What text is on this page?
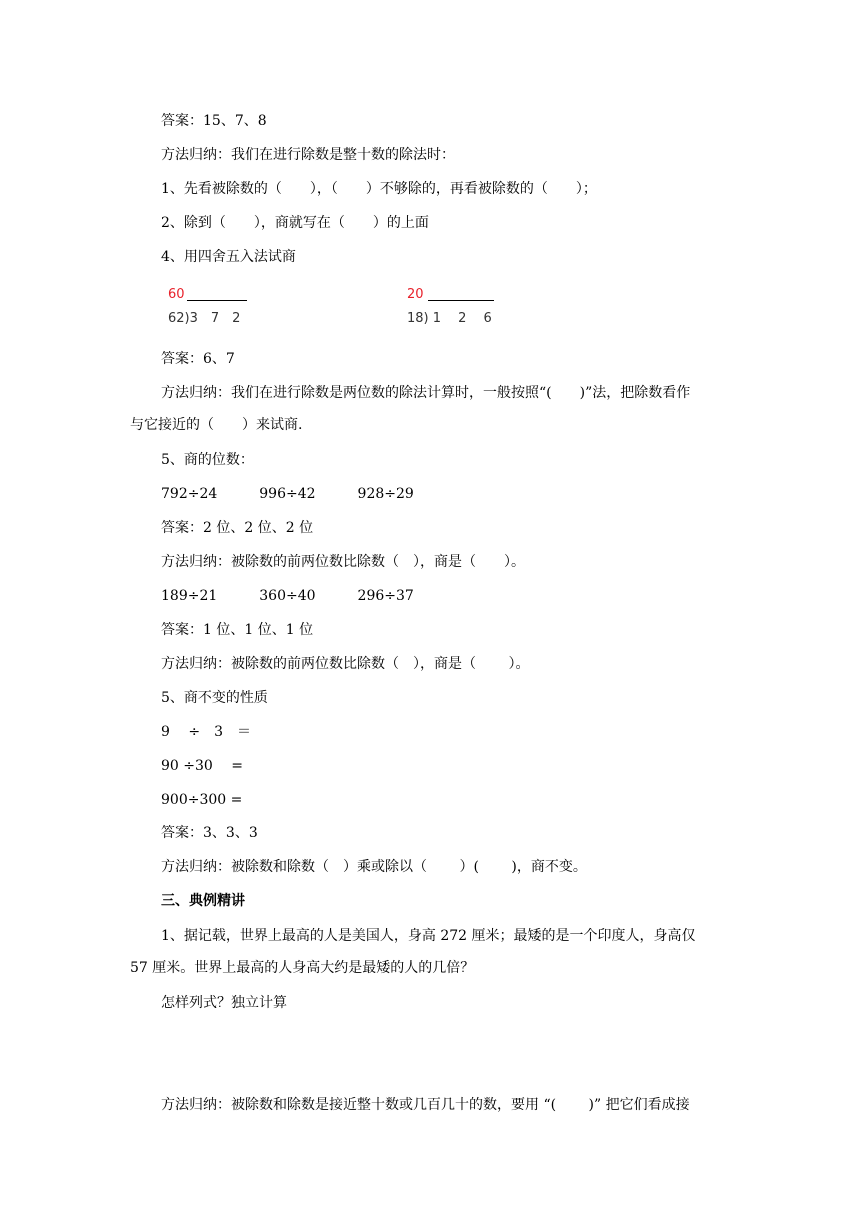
答案：15、7、8
方法归纳：我们在进行除数是整十数的除法时：
1、先看被除数的（　　），（　　）不够除的，再看被除数的（　　）；
2、除到（　　），商就写在（　　）的上面
4、用四舍五入法试商
60
62)3　7　2
20
18) 1　 2　 6
答案：6、7
方法归纳：我们在进行除数是两位数的除法计算时，一般按照“(　　)”法，把除数看作
与它接近的（　　）来试商.
5、商的位数：
792÷24　　　996÷42　　　928÷29
答案：2 位、2 位、2 位
方法归纳：被除数的前两位数比除数（　），商是（　　）。
189÷21　　　360÷40　　　296÷37
答案：1 位、1 位、1 位
方法归纳：被除数的前两位数比除数（　），商是（　　 ）。
5、商不变的性质
9　 ÷　3　＝
90 ÷30　 =
900÷300 =
答案：3、3、3
方法归纳：被除数和除数（　）乘或除以（　　 ）(　　 )，商不变。
三、典例精讲
1、据记载，世界上最高的人是美国人，身高 272 厘米；最矮的是一个印度人，身高仅
57 厘米。世界上最高的人身高大约是最矮的人的几倍？
怎样列式？独立计算
方法归纳：被除数和除数是接近整十数或几百几十的数，要用 “(　　 )” 把它们看成接
